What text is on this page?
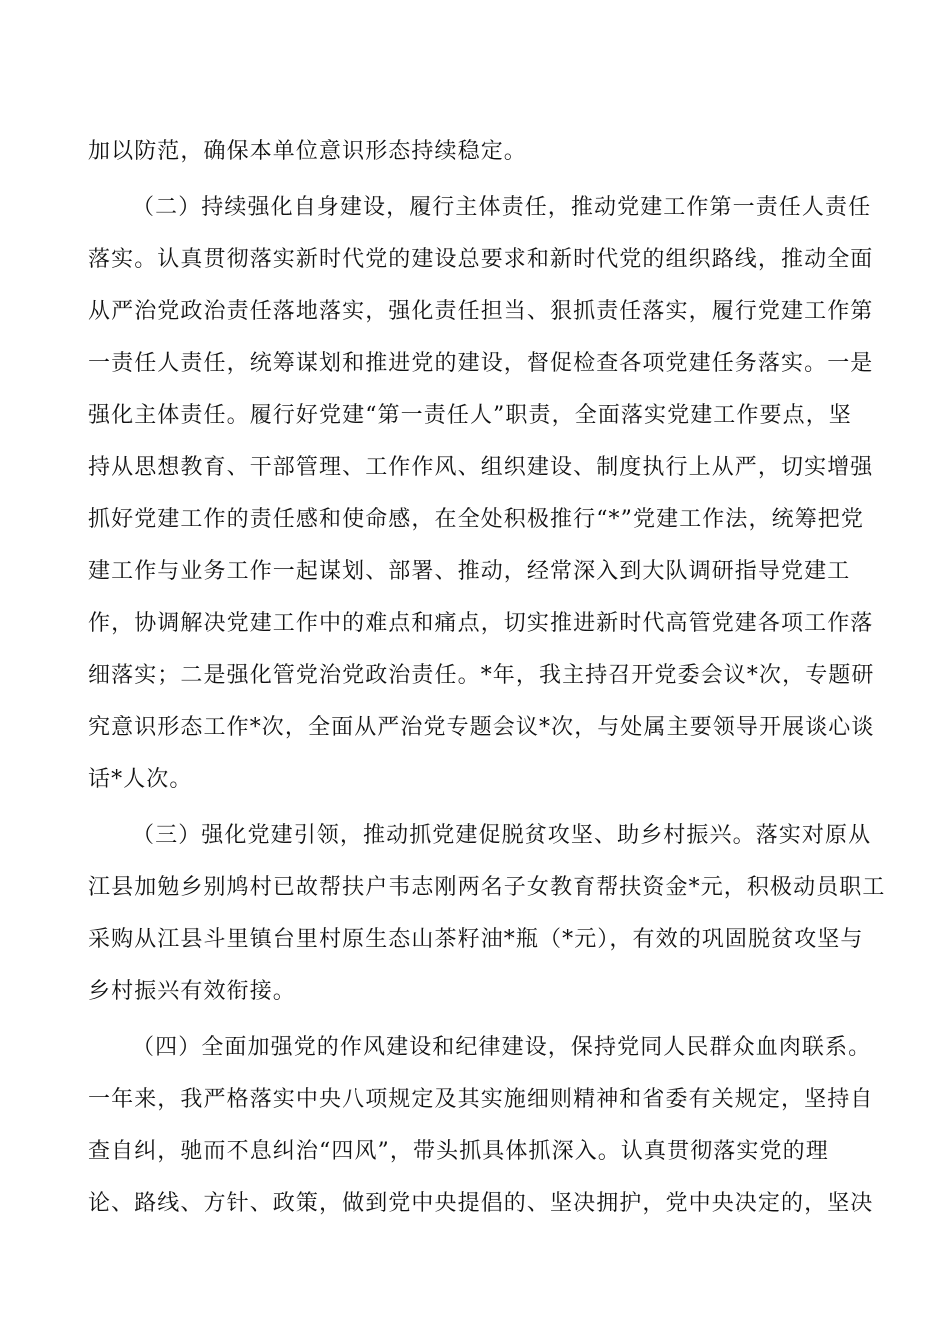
加以防范，确保本单位意识形态持续稳定。

（二）持续强化自身建设，履行主体责任，推动党建工作第一责任人责任

落实。认真贯彻落实新时代党的建设总要求和新时代党的组织路线，推动全面

从严治党政治责任落地落实，强化责任担当、狠抓责任落实，履行党建工作第

一责任人责任，统筹谋划和推进党的建设，督促检查各项党建任务落实。一是

强化主体责任。履行好党建“第一责任人”职责，全面落实党建工作要点，坚

持从思想教育、干部管理、工作作风、组织建设、制度执行上从严，切实增强

抓好党建工作的责任感和使命感，在全处积极推行“*”党建工作法，统筹把党

建工作与业务工作一起谋划、部署、推动，经常深入到大队调研指导党建工

作，协调解决党建工作中的难点和痛点，切实推进新时代高管党建各项工作落

细落实；二是强化管党治党政治责任。*年，我主持召开党委会议*次，专题研

究意识形态工作*次，全面从严治党专题会议*次，与处属主要领导开展谈心谈

话*人次。

（三）强化党建引领，推动抓党建促脱贫攻坚、助乡村振兴。落实对原从

江县加勉乡别鸠村已故帮扶户韦志刚两名子女教育帮扶资金*元，积极动员职工

采购从江县斗里镇台里村原生态山茶籽油*瓶（*元），有效的巩固脱贫攻坚与

乡村振兴有效衔接。

（四）全面加强党的作风建设和纪律建设，保持党同人民群众血肉联系。

一年来，我严格落实中央八项规定及其实施细则精神和省委有关规定，坚持自

查自纠，驰而不息纠治“四风”，带头抓具体抓深入。认真贯彻落实党的理

论、路线、方针、政策，做到党中央提倡的、坚决拥护，党中央决定的，坚决
